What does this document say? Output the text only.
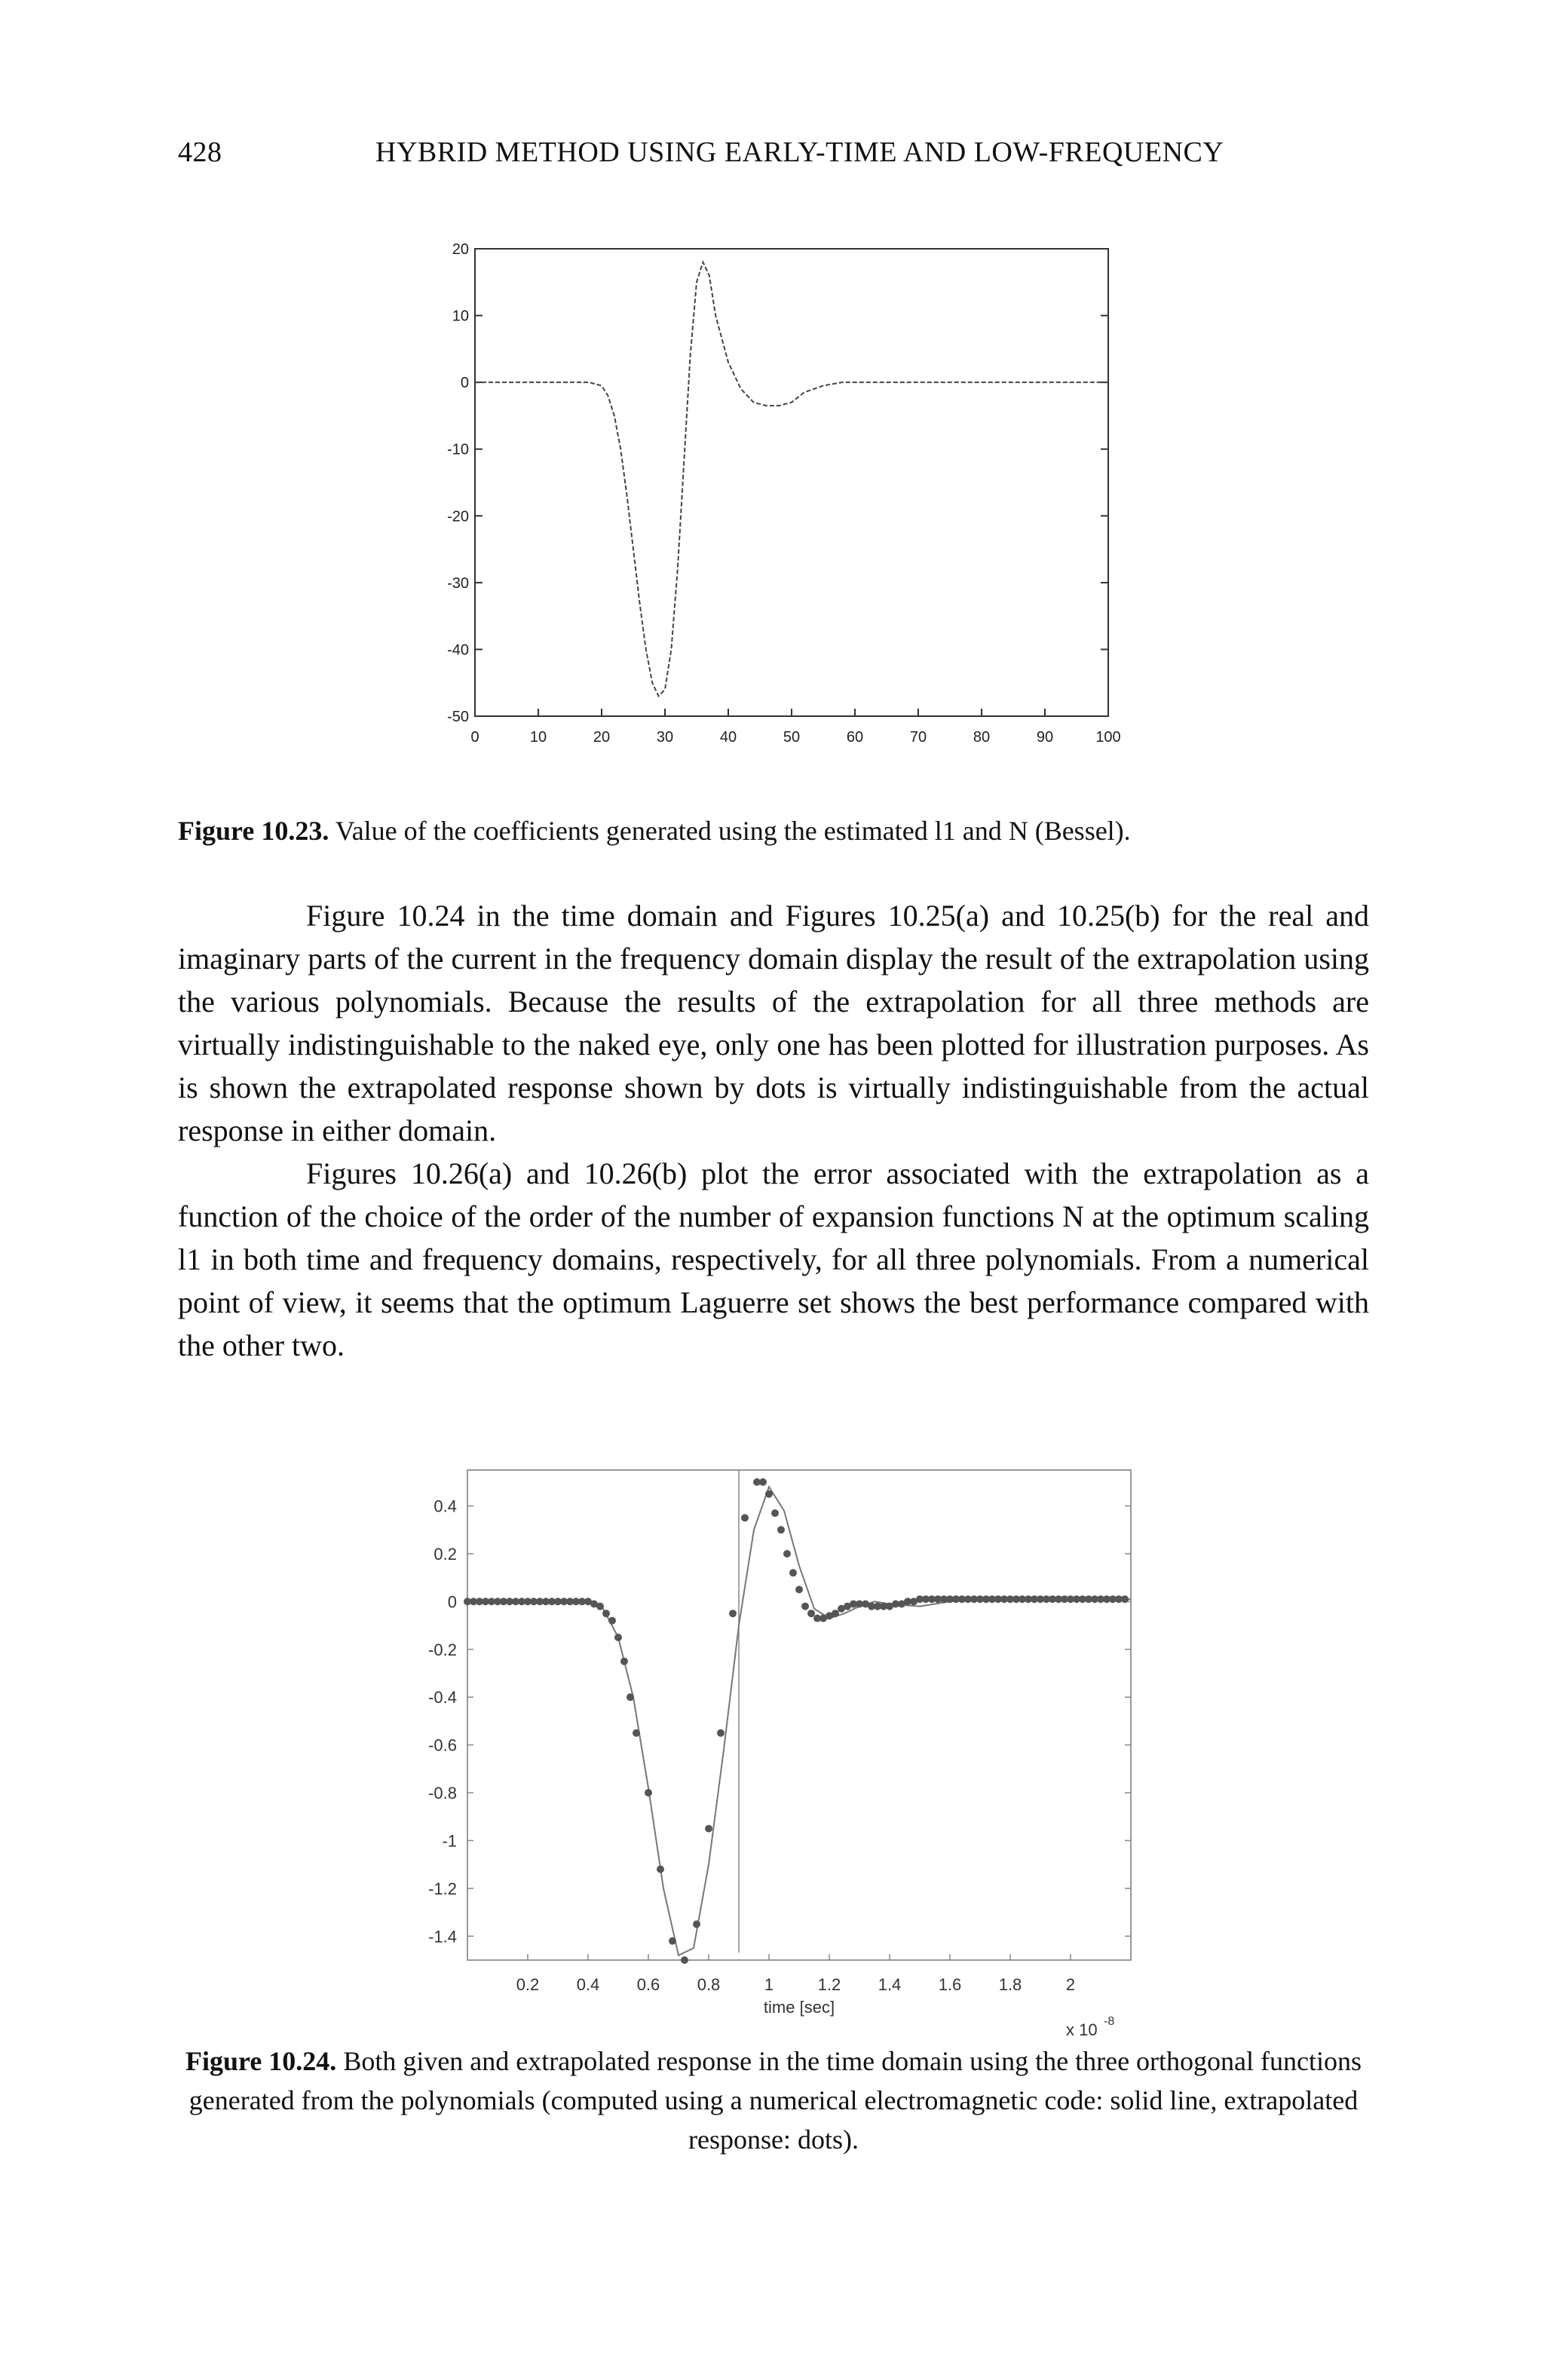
428	HYBRID METHOD USING EARLY-TIME AND LOW-FREQUENCY
0	10	20	30	40	50	60	70	80	90	100
20
10
0
-10
-20
-30
-40
-50
Figure 10.23. Value of the coefficients generated using the estimated l1 and N (Bessel).

Figure 10.24 in the time domain and Figures 10.25(a) and 10.25(b) for the real and imaginary parts of the current in the frequency domain display the result of the extrapolation using the various polynomials. Because the results of the extrapolation for all three methods are virtually indistinguishable to the naked eye, only one has been plotted for illustration purposes. As is shown the extrapolated response shown by dots is virtually indistinguishable from the actual response in either domain.

Figures 10.26(a) and 10.26(b) plot the error associated with the extrapolation as a function of the choice of the order of the number of expansion functions N at the optimum scaling l1 in both time and frequency domains, respectively, for all three polynomials. From a numerical point of view, it seems that the optimum Laguerre set shows the best performance compared with the other two.

0.2 0.4 0.6 0.8	1	1.2 1.4 1.6 1.8	2
0.4
0.2
0
-0.2
-0.4
-0.6
-0.8
-1
-1.2
-1.4
time [sec]
x 10 -8
Figure 10.24. Both given and extrapolated response in the time domain using the three orthogonal functions generated from the polynomials (computed using a numerical electromagnetic code: solid line, extrapolated response: dots).
